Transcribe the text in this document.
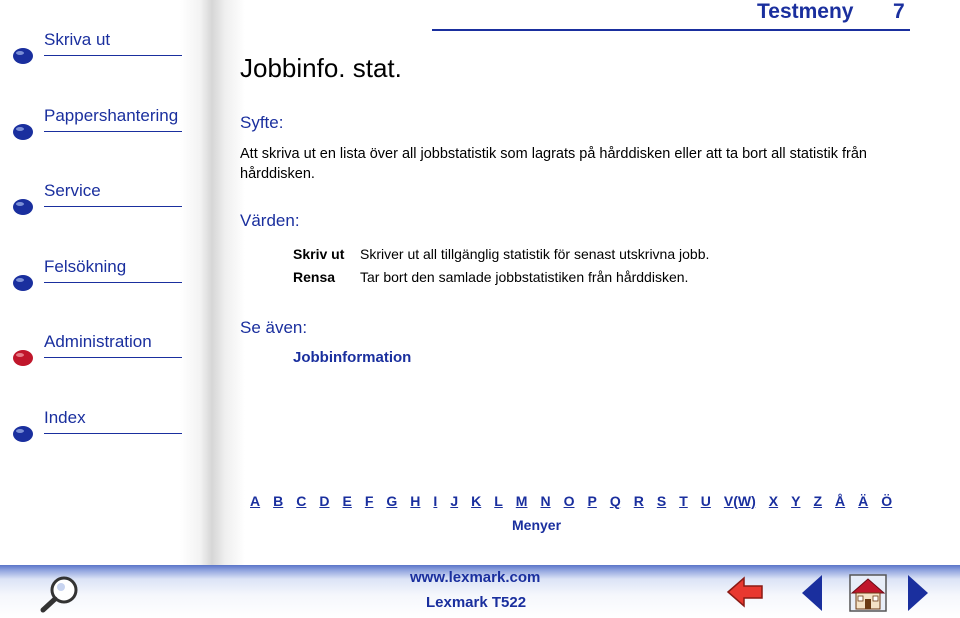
Testmeny 7
Skriva ut
Pappershantering
Service
Felsökning
Administration
Index
Jobbinfo. stat.
Syfte:
Att skriva ut en lista över all jobbstatistik som lagrats på hårddisken eller att ta bort all statistik från hårddisken.
Värden:
Skriv ut Skriver ut all tillgänglig statistik för senast utskrivna jobb.
Rensa Tar bort den samlade jobbstatistiken från hårddisken.
Se även:
Jobbinformation
A B C D E F G H I J K L M N O P Q R S T U V(W) X Y Z Å Ä Ö
Menyer
www.lexmark.com
Lexmark T522
